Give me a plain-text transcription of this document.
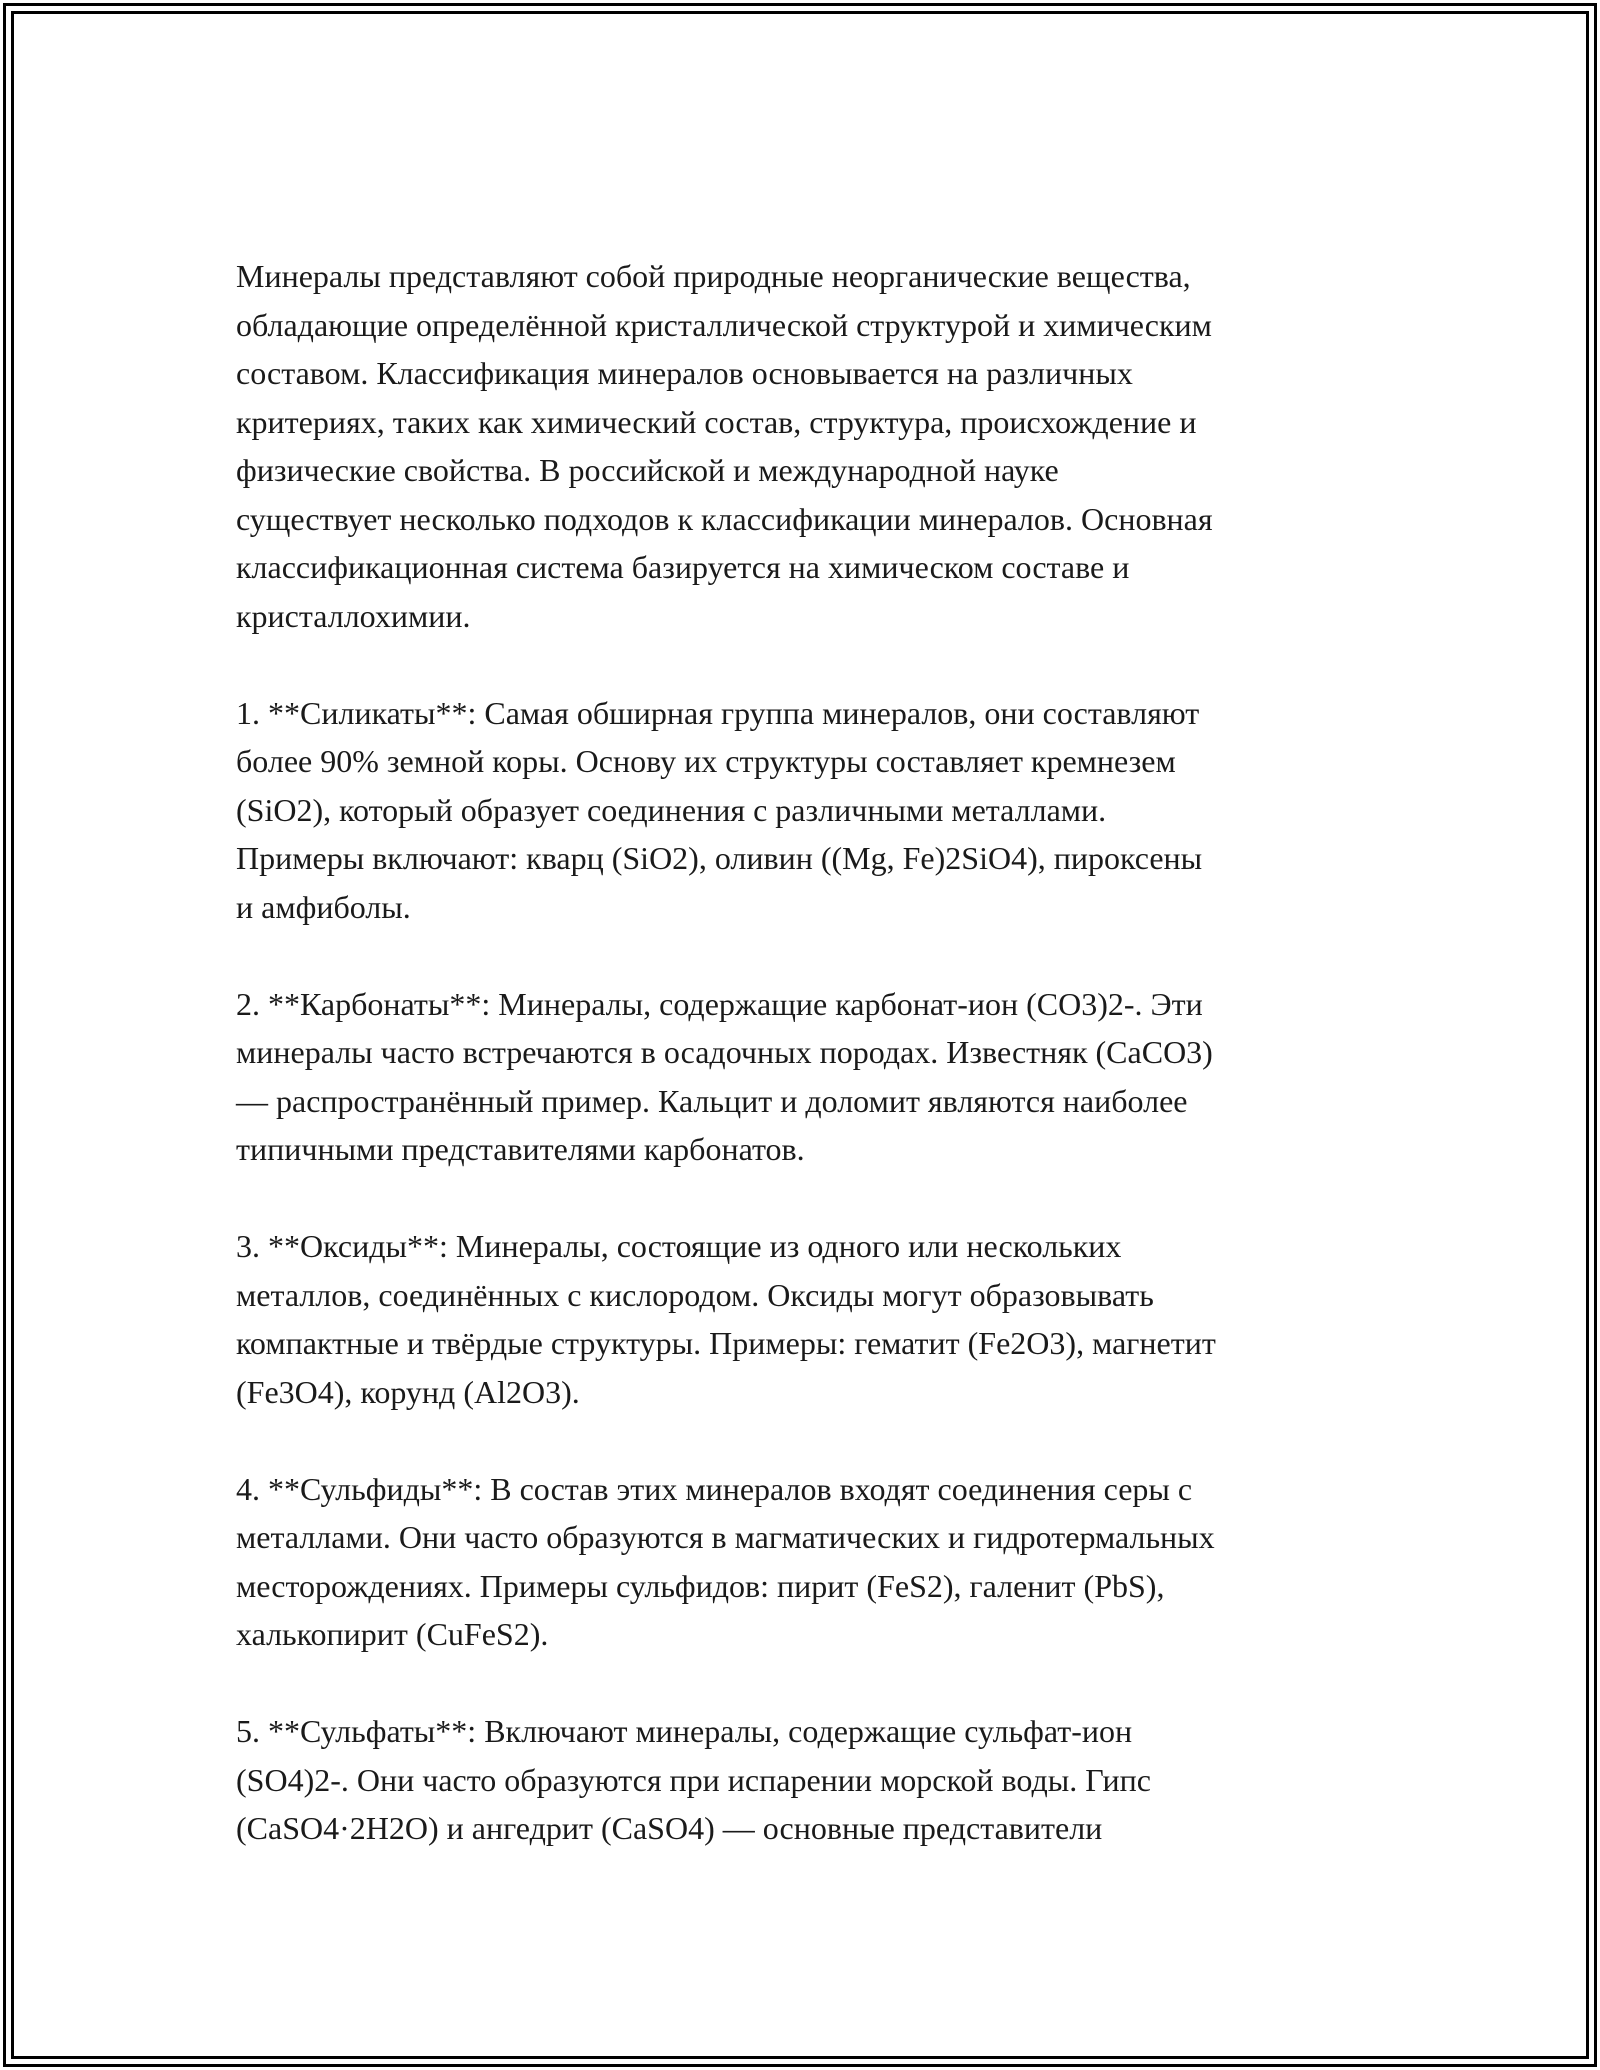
Минералы представляют собой природные неорганические вещества,
обладающие определённой кристаллической структурой и химическим
составом. Классификация минералов основывается на различных
критериях, таких как химический состав, структура, происхождение и
физические свойства. В российской и международной науке
существует несколько подходов к классификации минералов. Основная
классификационная система базируется на химическом составе и
кристаллохимии.

1. **Силикаты**: Самая обширная группа минералов, они составляют
более 90% земной коры. Основу их структуры составляет кремнезем
(SiO2), который образует соединения с различными металлами.
Примеры включают: кварц (SiO2), оливин ((Mg, Fe)2SiO4), пироксены
и амфиболы.

2. **Карбонаты**: Минералы, содержащие карбонат-ион (CO3)2-. Эти
минералы часто встречаются в осадочных породах. Известняк (CaCO3)
— распространённый пример. Кальцит и доломит являются наиболее
типичными представителями карбонатов.

3. **Оксиды**: Минералы, состоящие из одного или нескольких
металлов, соединённых с кислородом. Оксиды могут образовывать
компактные и твёрдые структуры. Примеры: гематит (Fe2O3), магнетит
(Fe3O4), корунд (Al2O3).

4. **Сульфиды**: В состав этих минералов входят соединения серы с
металлами. Они часто образуются в магматических и гидротермальных
месторождениях. Примеры сульфидов: пирит (FeS2), галенит (PbS),
халькопирит (CuFeS2).

5. **Сульфаты**: Включают минералы, содержащие сульфат-ион
(SO4)2-. Они часто образуются при испарении морской воды. Гипс
(CaSO4·2H2O) и ангедрит (CaSO4) — основные представители
